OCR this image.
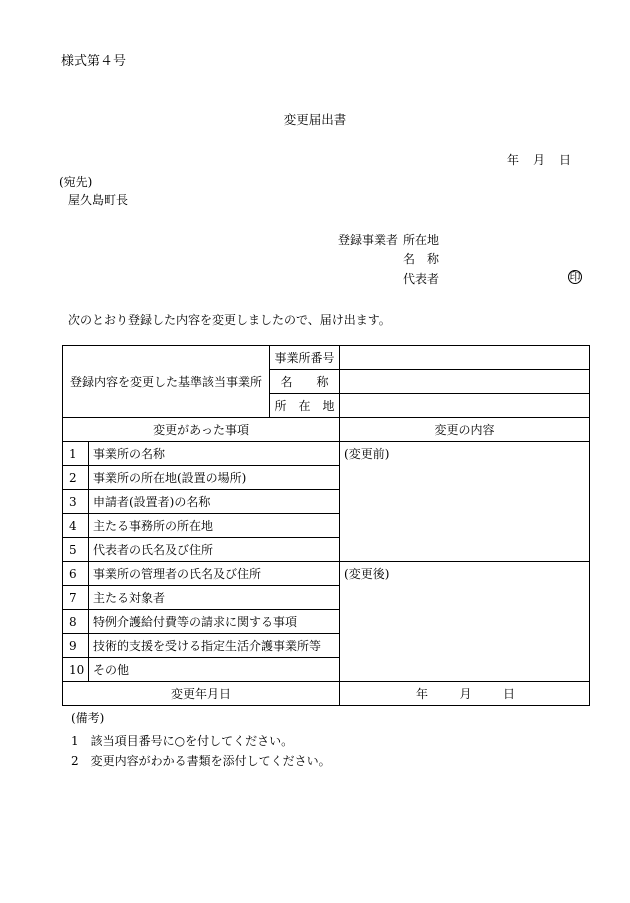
様式第４号
変更届出書
年 月 日
(宛先)
屋久島町長
登録事業者 所在地
名　称
代表者	印
次のとおり登録した内容を変更しましたので、届け出ます。
登録内容を変更した基準該当事業所		事業所番号	
		名　　称	
		所　在　地	
変更があった事項			変更の内容
1	事業所の名称		(変更前)
2	事業所の所在地(設置の場所)		
3	申請者(設置者)の名称		
4	主たる事務所の所在地		
5	代表者の氏名及び住所		
6	事業所の管理者の氏名及び住所		(変更後)
7	主たる対象者		
8	特例介護給付費等の請求に関する事項		
9	技術的支援を受ける指定生活介護事業所等		
10	その他		
変更年月日			年 月 日
(備考)
1　該当項目番号に○を付してください。
2　変更内容がわかる書類を添付してください。
